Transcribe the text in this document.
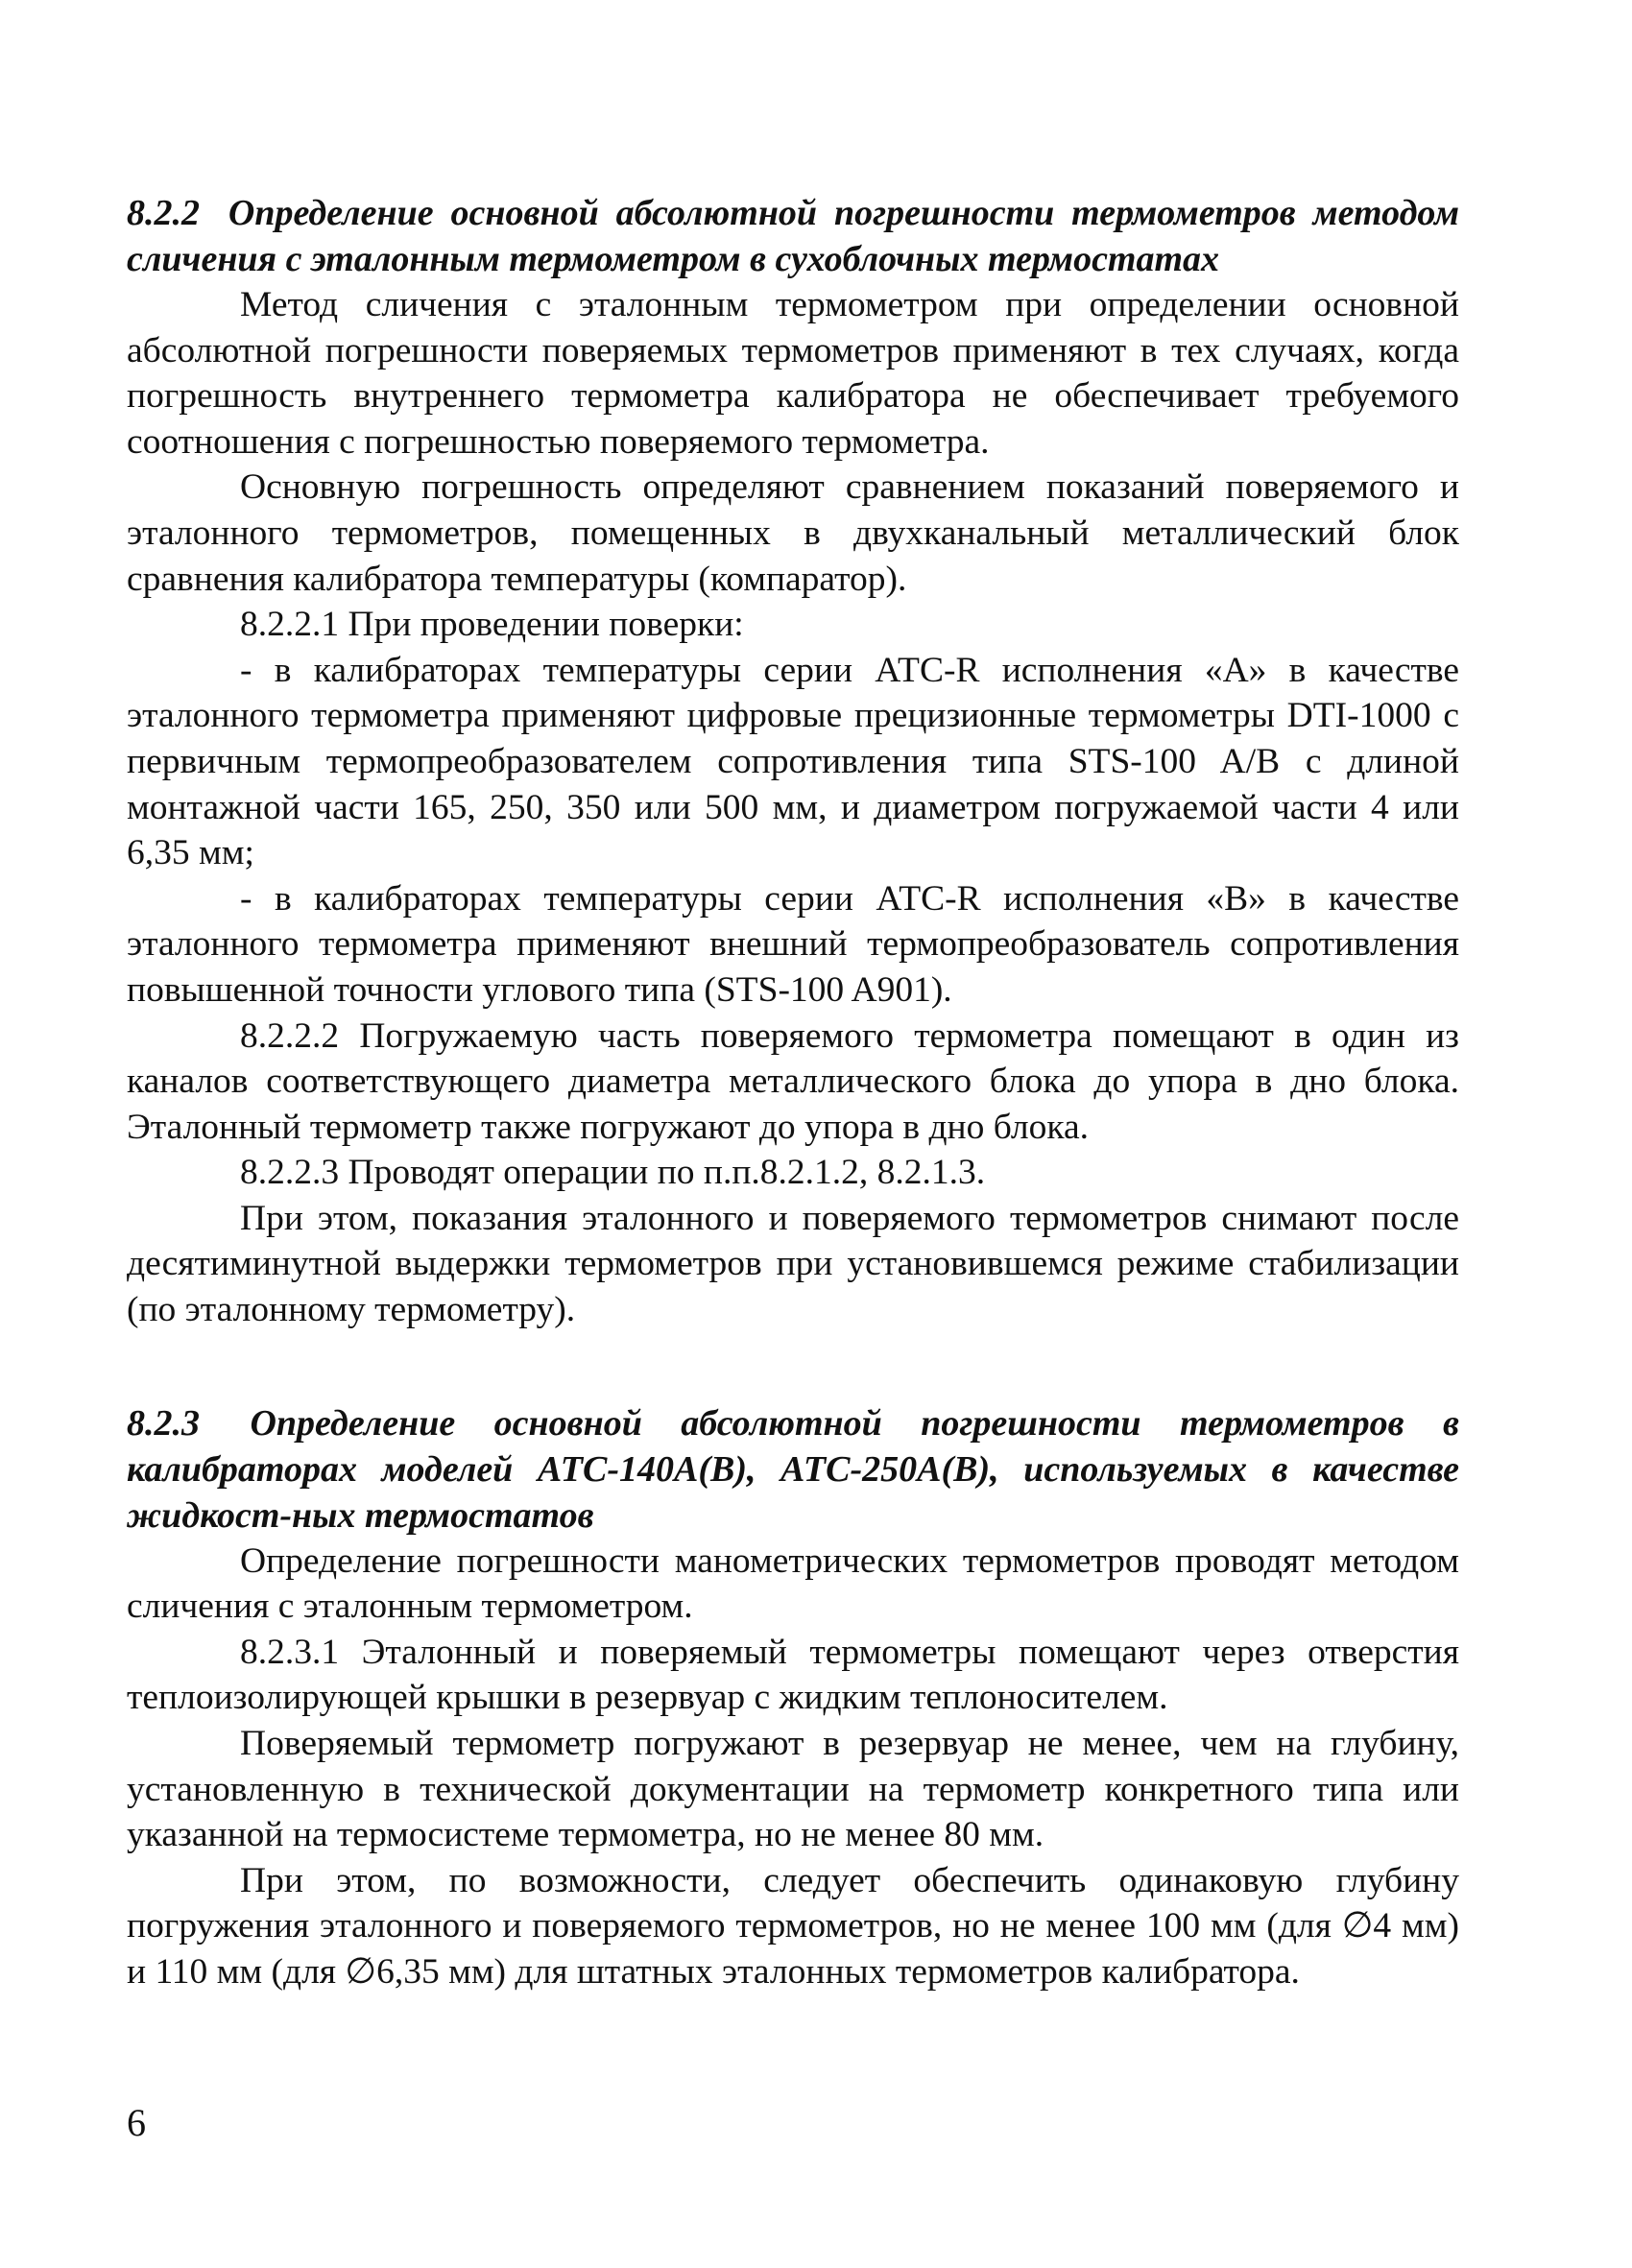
8.2.2 Определение основной абсолютной погрешности термометров методом сличения с эталонным термометром в сухоблочных термостатах

Метод сличения с эталонным термометром при определении основной абсолютной погрешности поверяемых термометров применяют в тех случаях, когда погрешность внутреннего термометра калибратора не обеспечивает требуемого соотношения с погрешностью поверяемого термометра.

Основную погрешность определяют сравнением показаний поверяемого и эталонного термометров, помещенных в двухканальный металлический блок сравнения калибратора температуры (компаратор).

8.2.2.1 При проведении поверки:

- в калибраторах температуры серии АТС-R исполнения «А» в качестве эталонного термометра применяют цифровые прецизионные термометры DTI-1000 с первичным термопреобразователем сопротивления типа STS-100 A/B с длиной монтажной части 165, 250, 350 или 500 мм, и диаметром погружаемой части 4 или 6,35 мм;

- в калибраторах температуры серии АТС-R исполнения «В» в качестве эталонного термометра применяют внешний термопреобразователь сопротивления повышенной точности углового типа (STS-100 A901).

8.2.2.2 Погружаемую часть поверяемого термометра помещают в один из каналов соответствующего диаметра металлического блока до упора в дно блока. Эталонный термометр также погружают до упора в дно блока.

8.2.2.3 Проводят операции по п.п.8.2.1.2, 8.2.1.3.

При этом, показания эталонного и поверяемого термометров снимают после десятиминутной выдержки термометров при установившемся режиме стабилизации (по эталонному термометру).

8.2.3 Определение основной абсолютной погрешности термометров в калибраторах моделей АТС-140А(В), АТС-250А(В), используемых в качестве жидкост-ных термостатов

Определение погрешности манометрических термометров проводят методом сличения с эталонным термометром.

8.2.3.1 Эталонный и поверяемый термометры помещают через отверстия теплоизолирующей крышки в резервуар с жидким теплоносителем.

Поверяемый термометр погружают в резервуар не менее, чем на глубину, установленную в технической документации на термометр конкретного типа или указанной на термосистеме термометра, но не менее 80 мм.

При этом, по возможности, следует обеспечить одинаковую глубину погружения эталонного и поверяемого термометров, но не менее 100 мм (для ∅4 мм) и 110 мм (для ∅6,35 мм) для штатных эталонных термометров калибратора.

6
